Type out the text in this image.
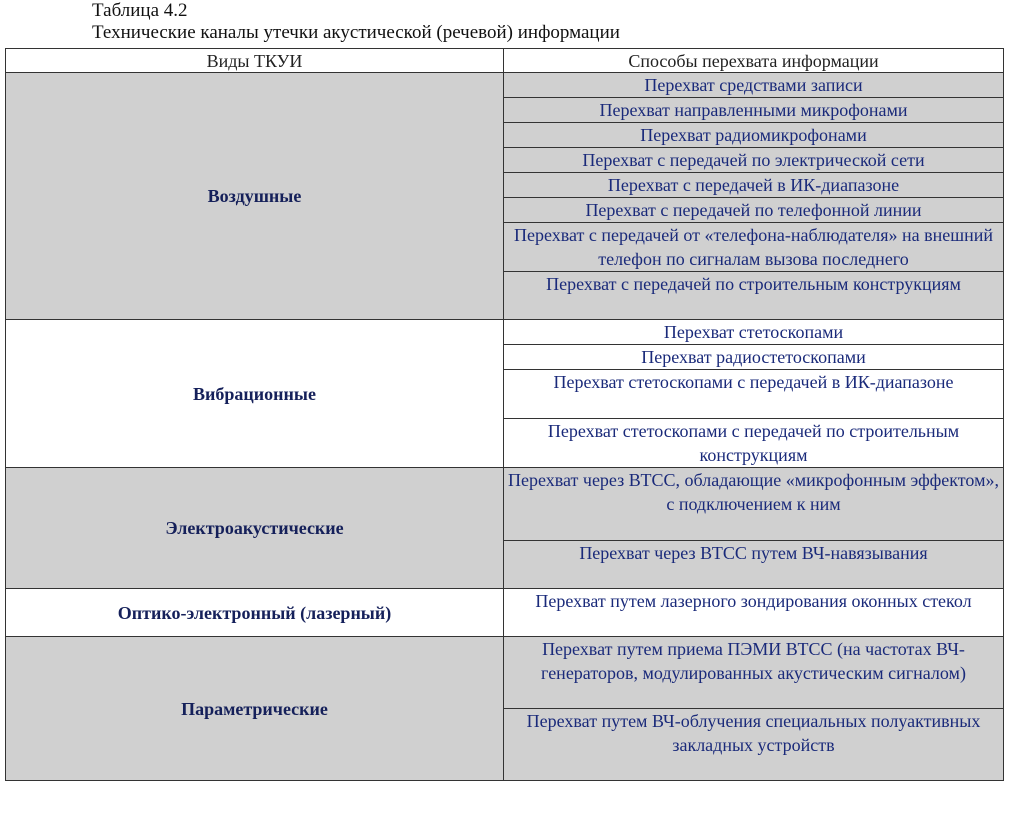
Таблица 4.2
Технические каналы утечки акустической (речевой) информации
Виды ТКУИ	Способы перехвата информации
Воздушные	Перехват средствами записи
	Перехват направленными микрофонами
	Перехват радиомикрофонами
	Перехват с передачей по электрической сети
	Перехват с передачей в ИК-диапазоне
	Перехват с передачей по телефонной линии
	Перехват с передачей от «телефона-наблюдателя» на внешний телефон по сигналам вызова последнего
	Перехват с передачей по строительным конструкциям
Вибрационные	Перехват стетоскопами
	Перехват радиостетоскопами
	Перехват стетоскопами с передачей в ИК-диапазоне
	Перехват стетоскопами с передачей по строительным конструкциям
Электроакустические	Перехват через ВТСС, обладающие «микрофонным эффектом», с подключением к ним
	Перехват через ВТСС путем ВЧ-навязывания
Оптико-электронный (лазерный)	Перехват путем лазерного зондирования оконных стекол
Параметрические	Перехват путем приема ПЭМИ ВТСС (на частотах ВЧ-генераторов, модулированных акустическим сигналом)
	Перехват путем ВЧ-облучения специальных полуактивных закладных устройств
